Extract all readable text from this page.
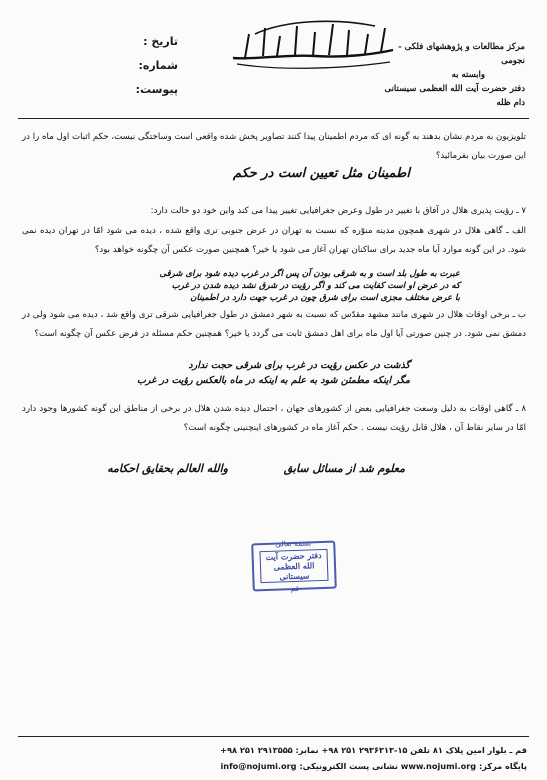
تاریخ :
شماره:
پیوست:
مرکز مطالعات و پژوهشهای فلکی - نجومی
وابسته به
دفتر حضرت آیت الله العظمی سیستانی دام ظله
تلویزیون به مردم نشان بدهند به گونه ای که مردم اطمینان پیدا کنند تصاویر پخش شده واقعی است وساختگی نیست، حکم اثبات اول ماه را در این صورت بیان بفرمائید؟
اطمینان مثل تعیین است در حکم
۷ ـ رؤیت پذیری هلال در آفاق با تغییر در طول وعرض جغرافیایی تغییر پیدا می کند واین خود دو حالت دارد:
الف ـ گاهی هلال در شهری همچون مدینه منوّره که نسبت به تهران در عرض جنوبی تری واقع شده ، دیده می شود امّا در تهران دیده نمی شود. در این گونه موارد آیا ماه جدید برای ساکنان تهران آغاز می شود یا خیر؟ همچنین صورت عکس آن چگونه خواهد بود؟
عبرت به طول بلد است و به شرقی بودن آن پس اگر در غرب دیده شود برای شرقی
که در عرض او است کفایت می کند و اگر رؤیت در شرق نشد دیده شدن در غرب
با عرض مختلف مجزی است برای شرق چون در غرب جهت دارد در اطمینان
ب ـ برخی اوقات هلال در شهری مانند مشهد مقدّس که نسبت به شهر دمشق در طول جغرافیایی شرقی تری واقع شد ، دیده می شود ولی در دمشق نمی شود. در چنین صورتی آیا اول ماه برای اهل دمشق ثابت می گردد یا خیر؟ همچنین حکم مسئله در فرض عکس آن چگونه است؟
گذشت در عکس رؤیت در غرب برای شرقی حجت ندارد
مگر اینکه مطمئن شود به علم به اینکه در ماه بالعکس رؤیت در غرب
۸ ـ گاهی اوقات به دلیل وسعت جغرافیایی بعض از کشورهای جهان ، احتمال دیده شدن هلال در برخی از مناطق این گونه کشورها وجود دارد امّا در سایر نقاط آن ، هلال قابل رؤیت نیست . حکم آغاز ماه در کشورهای اینچنینی چگونه است؟
معلوم شد از مسائل سابق
والله العالم بحقایق احکامه
بسمه تعالی
دفتر حضرت آیت الله العظمی سیستانی
قم
قم ـ بلوار امین پلاک ۸۱ تلفن ۱۵-۲۹۳۶۳۱۳ ۲۵۱ ۹۸+ نمابر: ۲۹۱۳۵۵۵ ۲۵۱ ۹۸+
پایگاه مرکز: www.nojumi.org نشانی پست الکترونیکی: info@nojumi.org
